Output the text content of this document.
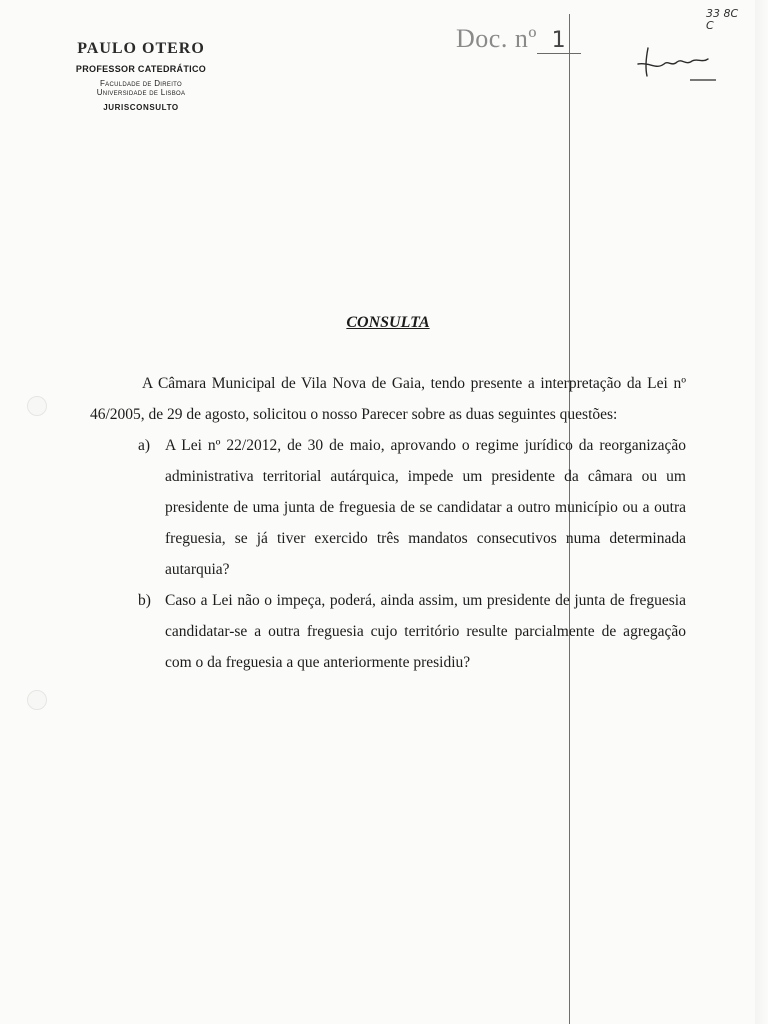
PAULO OTERO
PROFESSOR CATEDRÁTICO
Faculdade de Direito
Universidade de Lisboa
JURISCONSULTO
Doc. nº 1
33 8C
C
CONSULTA

A Câmara Municipal de Vila Nova de Gaia, tendo presente a interpretação da Lei nº 46/2005, de 29 de agosto, solicitou o nosso Parecer sobre as duas seguintes questões:

a) A Lei nº 22/2012, de 30 de maio, aprovando o regime jurídico da reorganização administrativa territorial autárquica, impede um presidente da câmara ou um presidente de uma junta de freguesia de se candidatar a outro município ou a outra freguesia, se já tiver exercido três mandatos consecutivos numa determinada autarquia?
b) Caso a Lei não o impeça, poderá, ainda assim, um presidente de junta de freguesia candidatar-se a outra freguesia cujo território resulte parcialmente de agregação com o da freguesia a que anteriormente presidiu?
